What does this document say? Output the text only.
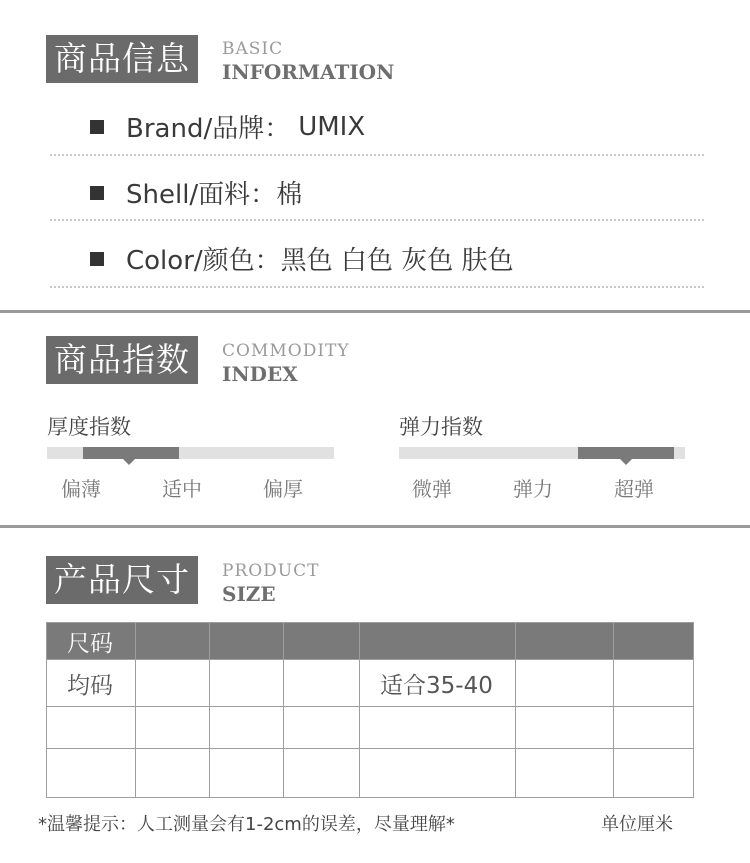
商品信息	BASIC
INFORMATION
Brand/品牌： UMIX
Shell/面料： 棉
Color/颜色： 黑色 白色 灰色 肤色
商品指数	COMMODITY
INDEX
厚度指数
偏薄	适中	偏厚
弹力指数
微弹	弹力	超弹
产品尺寸	PRODUCT
SIZE
尺码						
均码				适合35-40		

*温馨提示：人工测量会有1-2cm的误差，尽量理解*	单位厘米
